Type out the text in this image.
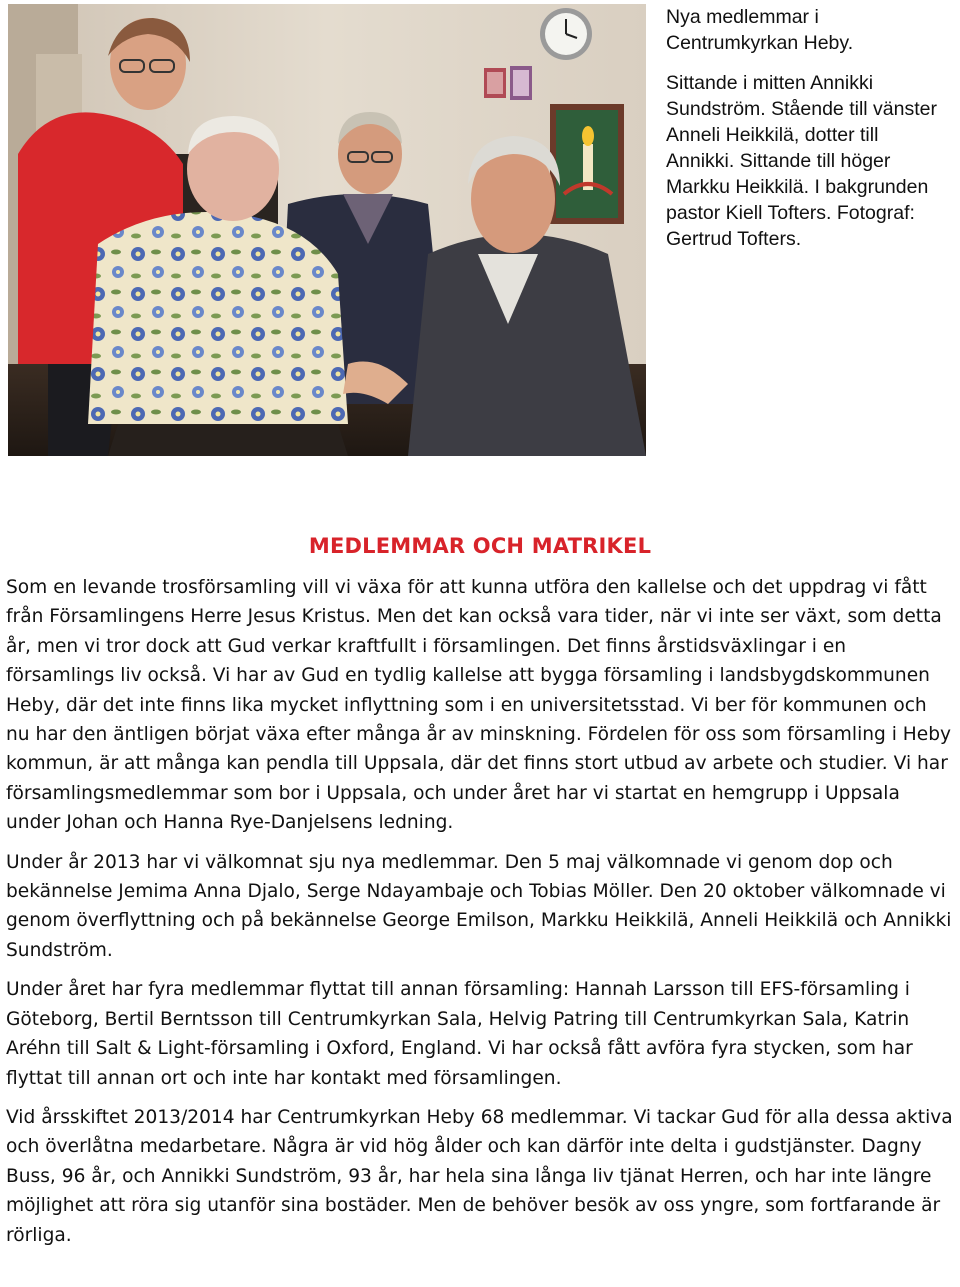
Nya medlemmar i Centrumkyrkan Heby.

Sittande i mitten Annikki Sundström. Stående till vänster Anneli Heikkilä, dotter till Annikki. Sittande till höger Markku Heikkilä. I bakgrunden pastor Kiell Tofters. Fotograf: Gertrud Tofters.

MEDLEMMAR OCH MATRIKEL

Som en levande trosförsamling vill vi växa för att kunna utföra den kallelse och det uppdrag vi fått från Församlingens Herre Jesus Kristus. Men det kan också vara tider, när vi inte ser växt, som detta år, men vi tror dock att Gud verkar kraftfullt i församlingen. Det finns årstidsväxlingar i en församlings liv också. Vi har av Gud en tydlig kallelse att bygga församling i landsbygdskommunen Heby, där det inte finns lika mycket inflyttning som i en universitetsstad. Vi ber för kommunen och nu har den äntligen börjat växa efter många år av minskning. Fördelen för oss som församling i Heby kommun, är att många kan pendla till Uppsala, där det finns stort utbud av arbete och studier. Vi har församlingsmedlemmar som bor i Uppsala, och under året har vi startat en hemgrupp i Uppsala under Johan och Hanna Rye-Danjelsens ledning.

Under år 2013 har vi välkomnat sju nya medlemmar. Den 5 maj välkomnade vi genom dop och bekännelse Jemima Anna Djalo, Serge Ndayambaje och Tobias Möller. Den 20 oktober välkomnade vi genom överflyttning och på bekännelse George Emilson, Markku Heikkilä, Anneli Heikkilä och Annikki Sundström.

Under året har fyra medlemmar flyttat till annan församling: Hannah Larsson till EFS-församling i Göteborg, Bertil Berntsson till Centrumkyrkan Sala, Helvig Patring till Centrumkyrkan Sala, Katrin Aréhn till Salt & Light-församling i Oxford, England. Vi har också fått avföra fyra stycken, som har flyttat till annan ort och inte har kontakt med församlingen.

Vid årsskiftet 2013/2014 har Centrumkyrkan Heby 68 medlemmar. Vi tackar Gud för alla dessa aktiva och överlåtna medarbetare. Några är vid hög ålder och kan därför inte delta i gudstjänster. Dagny Buss, 96 år, och Annikki Sundström, 93 år, har hela sina långa liv tjänat Herren, och har inte längre möjlighet att röra sig utanför sina bostäder. Men de behöver besök av oss yngre, som fortfarande är rörliga.
